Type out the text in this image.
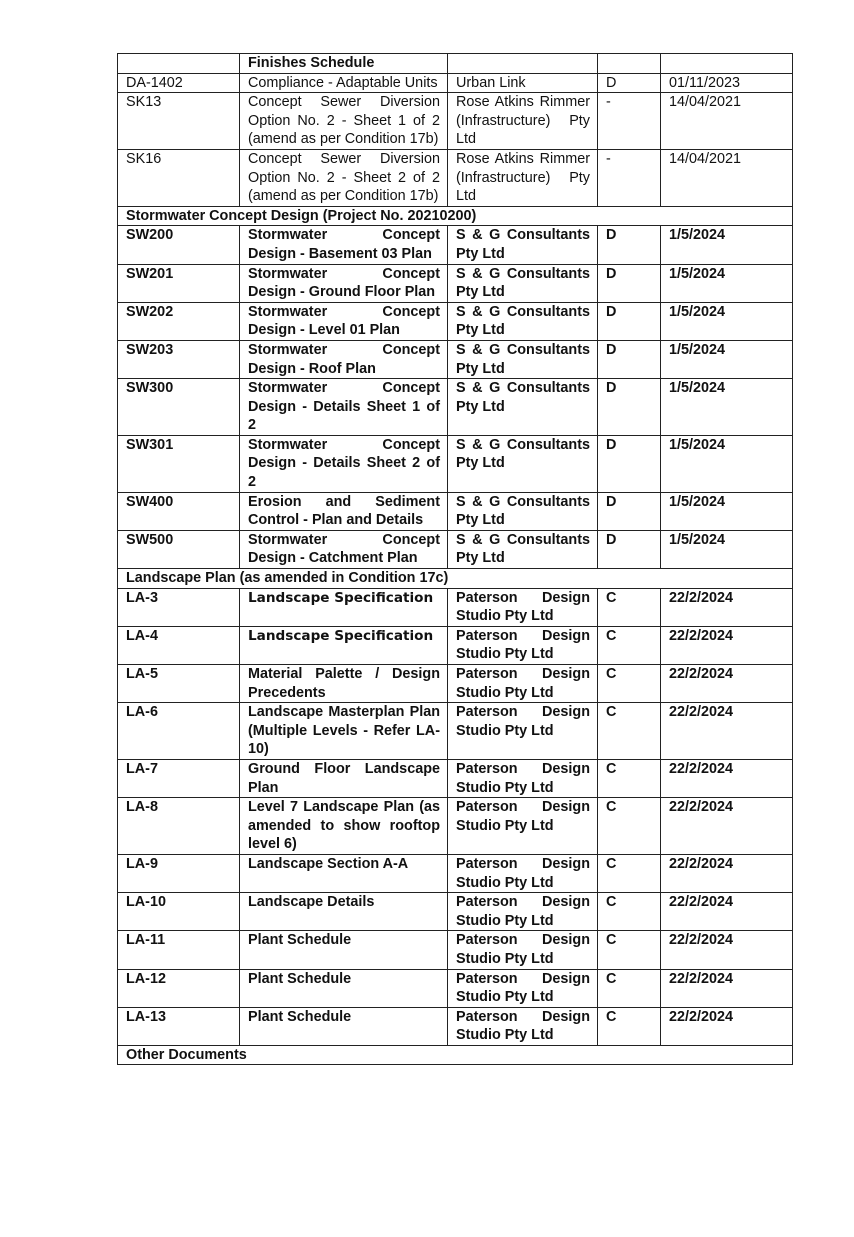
	Finishes Schedule			
DA-1402	Compliance - Adaptable Units	Urban Link	D	01/11/2023
SK13	Concept Sewer Diversion Option No. 2 - Sheet 1 of 2 (amend as per Condition 17b)	Rose Atkins Rimmer (Infrastructure) Pty Ltd	-	14/04/2021
SK16	Concept Sewer Diversion Option No. 2 - Sheet 2 of 2 (amend as per Condition 17b)	Rose Atkins Rimmer (Infrastructure) Pty Ltd	-	14/04/2021
Stormwater Concept Design (Project No. 20210200)				
SW200	Stormwater Concept Design - Basement 03 Plan	S & G Consultants Pty Ltd	D	1/5/2024
SW201	Stormwater Concept Design - Ground Floor Plan	S & G Consultants Pty Ltd	D	1/5/2024
SW202	Stormwater Concept Design - Level 01 Plan	S & G Consultants Pty Ltd	D	1/5/2024
SW203	Stormwater Concept Design - Roof Plan	S & G Consultants Pty Ltd	D	1/5/2024
SW300	Stormwater Concept Design - Details Sheet 1 of 2	S & G Consultants Pty Ltd	D	1/5/2024
SW301	Stormwater Concept Design - Details Sheet 2 of 2	S & G Consultants Pty Ltd	D	1/5/2024
SW400	Erosion and Sediment Control - Plan and Details	S & G Consultants Pty Ltd	D	1/5/2024
SW500	Stormwater Concept Design - Catchment Plan	S & G Consultants Pty Ltd	D	1/5/2024
Landscape Plan (as amended in Condition 17c)				
LA-3	Landscape Specification	Paterson Design Studio Pty Ltd	C	22/2/2024
LA-4	Landscape Specification	Paterson Design Studio Pty Ltd	C	22/2/2024
LA-5	Material Palette / Design Precedents	Paterson Design Studio Pty Ltd	C	22/2/2024
LA-6	Landscape Masterplan Plan (Multiple Levels - Refer LA-10)	Paterson Design Studio Pty Ltd	C	22/2/2024
LA-7	Ground Floor Landscape Plan	Paterson Design Studio Pty Ltd	C	22/2/2024
LA-8	Level 7 Landscape Plan (as amended to show rooftop level 6)	Paterson Design Studio Pty Ltd	C	22/2/2024
LA-9	Landscape Section A-A	Paterson Design Studio Pty Ltd	C	22/2/2024
LA-10	Landscape Details	Paterson Design Studio Pty Ltd	C	22/2/2024
LA-11	Plant Schedule	Paterson Design Studio Pty Ltd	C	22/2/2024
LA-12	Plant Schedule	Paterson Design Studio Pty Ltd	C	22/2/2024
LA-13	Plant Schedule	Paterson Design Studio Pty Ltd	C	22/2/2024
Other Documents				
